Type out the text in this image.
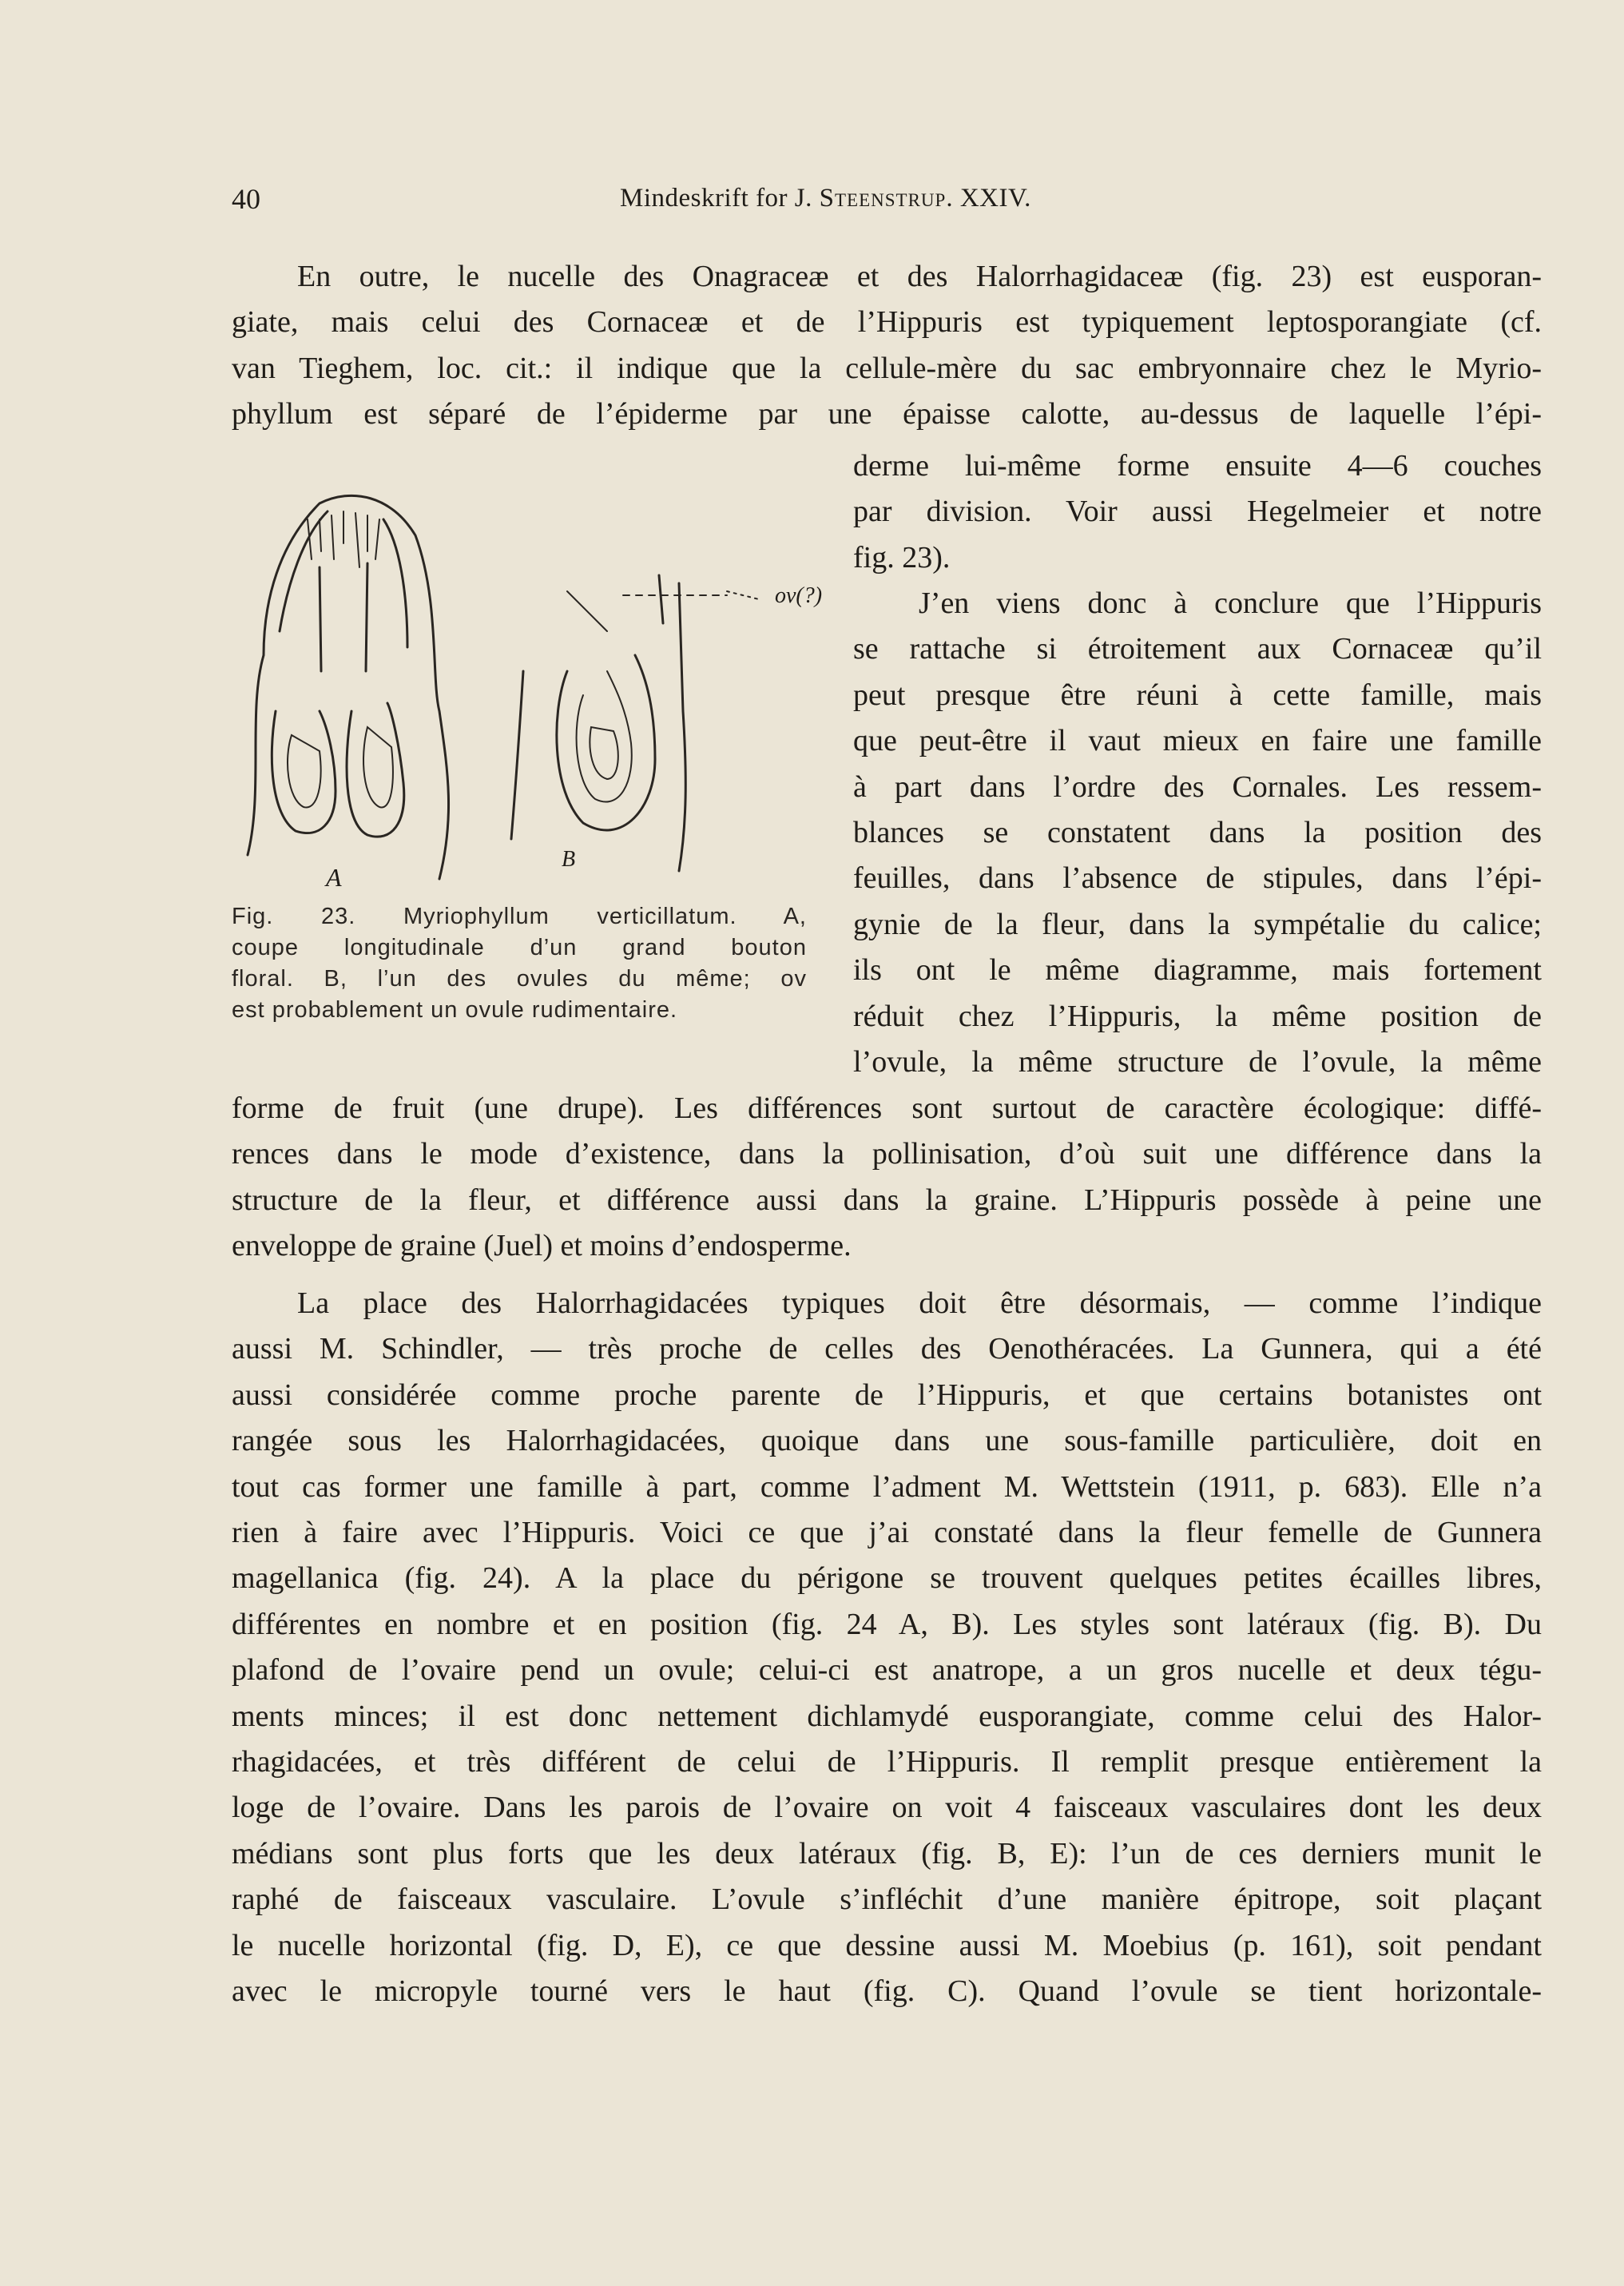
40	Mindeskrift for J. Steenstrup. XXIV.

En outre, le nucelle des Onagraceæ et des Halorrhagidaceæ (fig. 23) est eusporan-

giate, mais celui des Cornaceæ et de l’Hippuris est typiquement leptosporangiate (cf.

van Tieghem, loc. cit.: il indique que la cellule-mère du sac embryonnaire chez le Myrio-

phyllum est séparé de l’épiderme par une épaisse calotte, au-dessus de laquelle l’épi-

A
B
ov(?)
Fig. 23. Myriophyllum verticillatum. A,
coupe longitudinale d’un grand bouton
floral. B, l’un des ovules du même; ov
est probablement un ovule rudimentaire.

derme lui-même forme ensuite 4—6 couches

par division. Voir aussi Hegelmeier et notre

fig. 23).

J’en viens donc à conclure que l’Hippuris

se rattache si étroitement aux Cornaceæ qu’il

peut presque être réuni à cette famille, mais

que peut-être il vaut mieux en faire une famille

à part dans l’ordre des Cornales. Les ressem-

blances se constatent dans la position des

feuilles, dans l’absence de stipules, dans l’épi-

gynie de la fleur, dans la sympétalie du calice;

ils ont le même diagramme, mais fortement

réduit chez l’Hippuris, la même position de

l’ovule, la même structure de l’ovule, la même

forme de fruit (une drupe). Les différences sont surtout de caractère écologique: diffé-

rences dans le mode d’existence, dans la pollinisation, d’où suit une différence dans la

structure de la fleur, et différence aussi dans la graine. L’Hippuris possède à peine une

enveloppe de graine (Juel) et moins d’endosperme.

La place des Halorrhagidacées typiques doit être désormais, — comme l’indique

aussi M. Schindler, — très proche de celles des Oenothéracées. La Gunnera, qui a été

aussi considérée comme proche parente de l’Hippuris, et que certains botanistes ont

rangée sous les Halorrhagidacées, quoique dans une sous-famille particulière, doit en

tout cas former une famille à part, comme l’adment M. Wettstein (1911, p. 683). Elle n’a

rien à faire avec l’Hippuris. Voici ce que j’ai constaté dans la fleur femelle de Gunnera

magellanica (fig. 24). A la place du périgone se trouvent quelques petites écailles libres,

différentes en nombre et en position (fig. 24 A, B). Les styles sont latéraux (fig. B). Du

plafond de l’ovaire pend un ovule; celui-ci est anatrope, a un gros nucelle et deux tégu-

ments minces; il est donc nettement dichlamydé eusporangiate, comme celui des Halor-

rhagidacées, et très différent de celui de l’Hippuris. Il remplit presque entièrement la

loge de l’ovaire. Dans les parois de l’ovaire on voit 4 faisceaux vasculaires dont les deux

médians sont plus forts que les deux latéraux (fig. B, E): l’un de ces derniers munit le

raphé de faisceaux vasculaire. L’ovule s’infléchit d’une manière épitrope, soit plaçant

le nucelle horizontal (fig. D, E), ce que dessine aussi M. Moebius (p. 161), soit pendant

avec le micropyle tourné vers le haut (fig. C). Quand l’ovule se tient horizontale-
